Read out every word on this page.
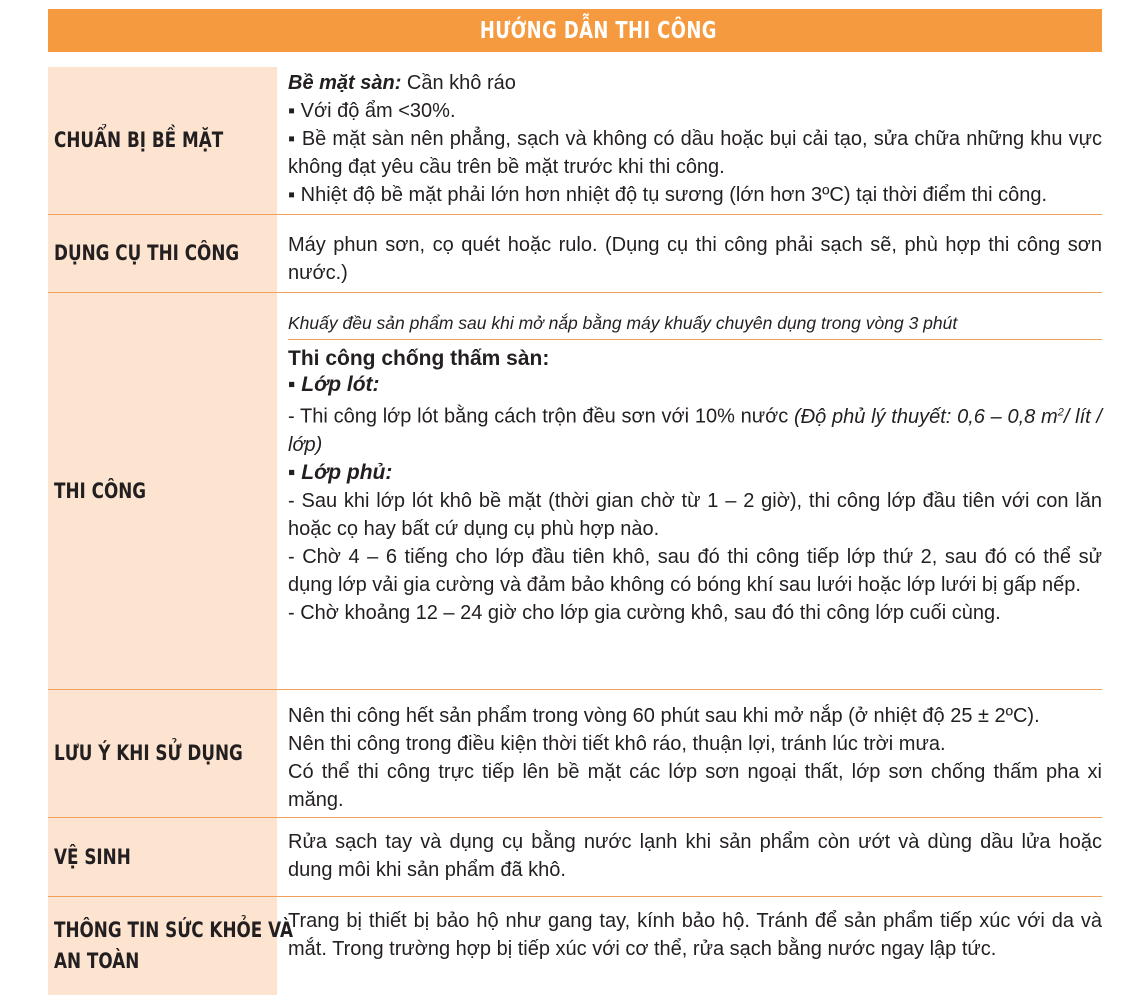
HƯỚNG DẪN THI CÔNG
CHUẨN BỊ BỀ MẶT

Bề mặt sàn: Cần khô ráo

▪ Với độ ẩm <30%.

▪ Bề mặt sàn nên phẳng, sạch và không có dầu hoặc bụi cải tạo, sửa chữa những khu vực không đạt yêu cầu trên bề mặt trước khi thi công.

▪ Nhiệt độ bề mặt phải lớn hơn nhiệt độ tụ sương (lớn hơn 3ºC) tại thời điểm thi công.

DỤNG CỤ THI CÔNG Máy phun sơn, cọ quét hoặc rulo. (Dụng cụ thi công phải sạch sẽ, phù hợp thi công sơn nước.)

THI CÔNG

Khuấy đều sản phẩm sau khi mở nắp bằng máy khuấy chuyên dụng trong vòng 3 phút

Thi công chống thấm sàn:

▪ Lớp lót:

- Thi công lớp lót bằng cách trộn đều sơn với 10% nước (Độ phủ lý thuyết: 0,6 – 0,8 $m^2/$ lít / lớp)

▪ Lớp phủ:

- Sau khi lớp lót khô bề mặt (thời gian chờ từ 1 – 2 giờ), thi công lớp đầu tiên với con lăn hoặc cọ hay bất cứ dụng cụ phù hợp nào.

- Chờ 4 – 6 tiếng cho lớp đầu tiên khô, sau đó thi công tiếp lớp thứ 2, sau đó có thể sử dụng lớp vải gia cường và đảm bảo không có bóng khí sau lưới hoặc lớp lưới bị gấp nếp.

- Chờ khoảng 12 – 24 giờ cho lớp gia cường khô, sau đó thi công lớp cuối cùng.

LƯU Ý KHI SỬ DỤNG

Nên thi công hết sản phẩm trong vòng 60 phút sau khi mở nắp (ở nhiệt độ 25 ± 2ºC).

Nên thi công trong điều kiện thời tiết khô ráo, thuận lợi, tránh lúc trời mưa.

Có thể thi công trực tiếp lên bề mặt các lớp sơn ngoại thất, lớp sơn chống thấm pha xi măng.

VỆ SINH

Rửa sạch tay và dụng cụ bằng nước lạnh khi sản phẩm còn ướt và dùng dầu lửa hoặc dung môi khi sản phẩm đã khô.

THÔNG TIN SỨC KHỎE VÀ
AN TOÀN

Trang bị thiết bị bảo hộ như gang tay, kính bảo hộ. Tránh để sản phẩm tiếp xúc với da và mắt. Trong trường hợp bị tiếp xúc với cơ thể, rửa sạch bằng nước ngay lập tức.
